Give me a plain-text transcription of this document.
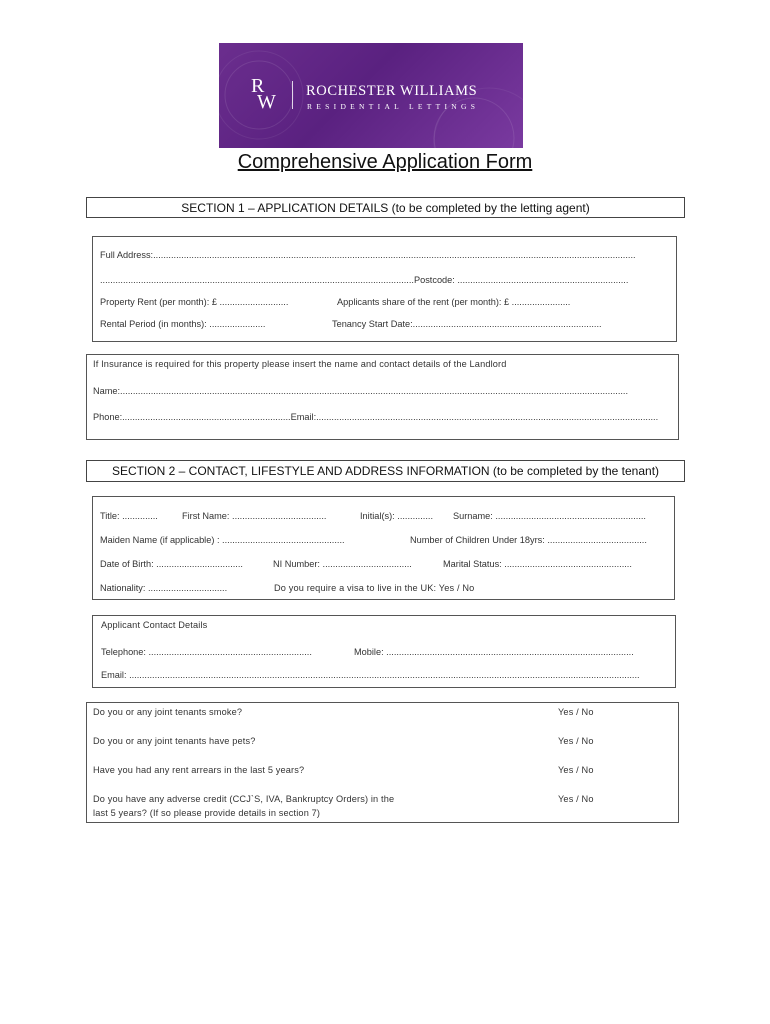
R
W ROCHESTER WILLIAMS
RESIDENTIAL LETTINGS
Comprehensive Application Form
SECTION 1 – APPLICATION DETAILS (to be completed by the letting agent)
Full Address:.............................................................................................................................................................................................
...........................................................................................................................Postcode: ...................................................................
Property Rent (per month): £ ...........................	Applicants share of the rent (per month): £ .......................
Rental Period (in months): ......................	Tenancy Start Date:..........................................................................
If Insurance is required for this property please insert the name and contact details of the Landlord
Name:.......................................................................................................................................................................................................
Phone:..................................................................Email:......................................................................................................................................
SECTION 2 – CONTACT, LIFESTYLE AND ADDRESS INFORMATION (to be completed by the tenant)
Title: ..............	First Name: .....................................	Initial(s): .............. Surname: ...........................................................
Maiden Name (if applicable) : ................................................	Number of Children Under 18yrs: .......................................
Date of Birth: ..................................	NI Number: ...................................	Marital Status: ..................................................
Nationality: ...............................	Do you require a visa to live in the UK: Yes / No
Applicant Contact Details
Telephone: ................................................................	Mobile: .................................................................................................
Email: ........................................................................................................................................................................................................
Do you or any joint tenants smoke?	Yes / No
Do you or any joint tenants have pets?	Yes / No
Have you had any rent arrears in the last 5 years?	Yes / No
Do you have any adverse credit (CCJ`S, IVA, Bankruptcy Orders) in the
last 5 years? (If so please provide details in section 7)
Yes / No
